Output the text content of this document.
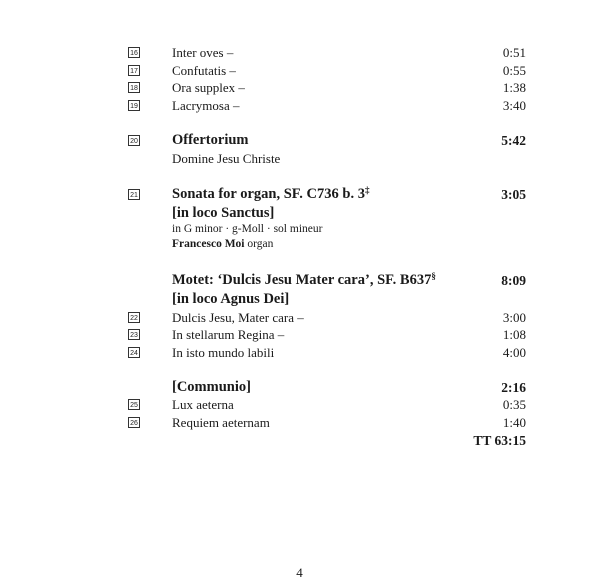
16	Inter oves –	0:51
17	Confutatis –	0:55
18	Ora supplex –	1:38
19	Lacrymosa –	3:40
20 Offertorium	5:42
Domine Jesu Christe
21 Sonata for organ, SF. C736 b. 3‡	3:05
[in loco Sanctus]
in G minor · g-Moll · sol mineur
Francesco Moi organ
Motet: ‘Dulcis Jesu Mater cara’, SF. B637§	8:09
[in loco Agnus Dei]
22	Dulcis Jesu, Mater cara –	3:00
23	In stellarum Regina –	1:08
24	In isto mundo labili	4:00
[Communio]	2:16
25	Lux aeterna	0:35
26	Requiem aeternam	1:40
TT 63:15
4
